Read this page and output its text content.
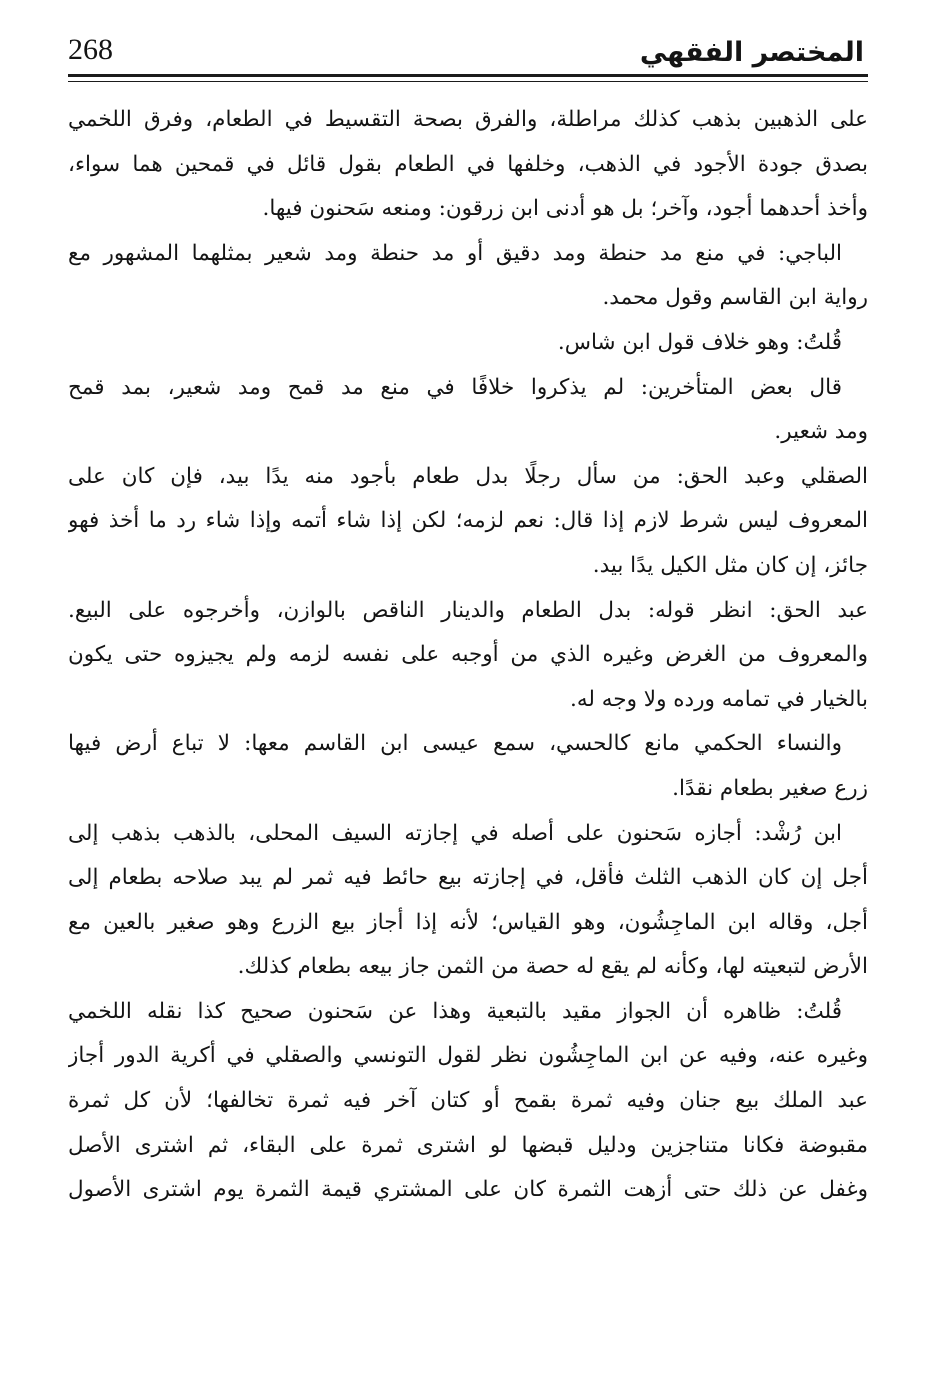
المختصر الفقهي
268
على الذهبين بذهب كذلك مراطلة، والفرق بصحة التقسيط في الطعام، وفرق اللخمي
بصدق جودة الأجود في الذهب، وخلفها في الطعام بقول قائل في قمحين هما سواء،
وأخذ أحدهما أجود، وآخر؛ بل هو أدنى ابن زرقون: ومنعه سَحنون فيها.
الباجي: في منع مد حنطة ومد دقيق أو مد حنطة ومد شعير بمثلهما المشهور مع
رواية ابن القاسم وقول محمد.
قُلتُ: وهو خلاف قول ابن شاس.
قال بعض المتأخرين: لم يذكروا خلافًا في منع مد قمح ومد شعير، بمد قمح
ومد شعير.
الصقلي وعبد الحق: من سأل رجلًا بدل طعام بأجود منه يدًا بيد، فإن كان على
المعروف ليس شرط لازم إذا قال: نعم لزمه؛ لكن إذا شاء أتمه وإذا شاء رد ما أخذ فهو
جائز، إن كان مثل الكيل يدًا بيد.
عبد الحق: انظر قوله: بدل الطعام والدينار الناقص بالوازن، وأخرجوه على البيع.
والمعروف من الغرض وغيره الذي من أوجبه على نفسه لزمه ولم يجيزوه حتى يكون
بالخيار في تمامه ورده ولا وجه له.
والنساء الحكمي مانع كالحسي، سمع عيسى ابن القاسم معها: لا تباع أرض فيها
زرع صغير بطعام نقدًا.
ابن رُشْد: أجازه سَحنون على أصله في إجازته السيف المحلى، بالذهب بذهب إلى
أجل إن كان الذهب الثلث فأقل، في إجازته بيع حائط فيه ثمر لم يبد صلاحه بطعام إلى
أجل، وقاله ابن الماجِشُون، وهو القياس؛ لأنه إذا أجاز بيع الزرع وهو صغير بالعين مع
الأرض لتبعيته لها، وكأنه لم يقع له حصة من الثمن جاز بيعه بطعام كذلك.
قُلتُ: ظاهره أن الجواز مقيد بالتبعية وهذا عن سَحنون صحيح كذا نقله اللخمي
وغيره عنه، وفيه عن ابن الماجِشُون نظر لقول التونسي والصقلي في أكرية الدور أجاز
عبد الملك بيع جنان وفيه ثمرة بقمح أو كتان آخر فيه ثمرة تخالفها؛ لأن كل ثمرة
مقبوضة فكانا متناجزين ودليل قبضها لو اشترى ثمرة على البقاء، ثم اشترى الأصل
وغفل عن ذلك حتى أزهت الثمرة كان على المشتري قيمة الثمرة يوم اشترى الأصول
